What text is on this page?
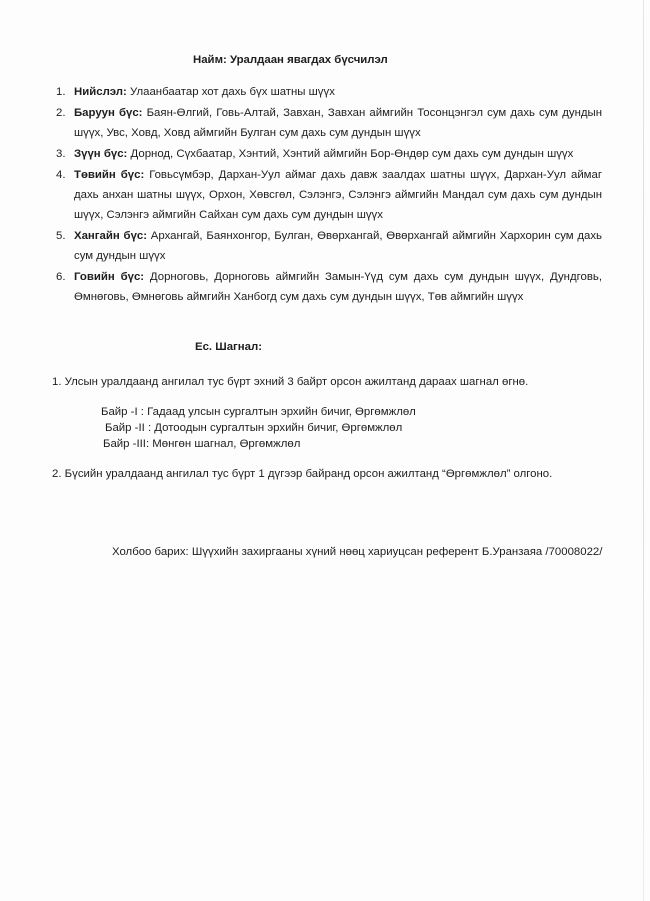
Найм: Уралдаан явагдах бүсчилэл
1. Нийслэл: Улаанбаатар хот дахь бүх шатны шүүх
2. Баруун бүс: Баян-Өлгий, Говь-Алтай, Завхан, Завхан аймгийн Тосонцэнгэл сум дахь сум дундын шүүх, Увс, Ховд, Ховд аймгийн Булган сум дахь сум дундын шүүх
3. Зүүн бүс: Дорнод, Сүхбаатар, Хэнтий, Хэнтий аймгийн Бор-Өндөр сум дахь сум дундын шүүх
4. Төвийн бүс: Говьсүмбэр, Дархан-Уул аймаг дахь давж заалдах шатны шүүх, Дархан-Уул аймаг дахь анхан шатны шүүх, Орхон, Хөвсгөл, Сэлэнгэ, Сэлэнгэ аймгийн Мандал сум дахь сум дундын шүүх, Сэлэнгэ аймгийн Сайхан сум дахь сум дундын шүүх
5. Хангайн бүс: Архангай, Баянхонгор, Булган, Өвөрхангай, Өвөрхангай аймгийн Хархорин сум дахь сум дундын шүүх
6. Говийн бүс: Дорноговь, Дорноговь аймгийн Замын-Үүд сум дахь сум дундын шүүх, Дундговь, Өмнөговь, Өмнөговь аймгийн Ханбогд сум дахь сум дундын шүүх, Төв аймгийн шүүх
Ес. Шагнал:
1. Улсын уралдаанд ангилал тус бүрт эхний 3 байрт орсон ажилтанд дараах шагнал өгнө.
Байр -I : Гадаад улсын сургалтын эрхийн бичиг, Өргөмжлөл
Байр -II : Дотоодын сургалтын эрхийн бичиг, Өргөмжлөл
Байр -III: Мөнгөн шагнал, Өргөмжлөл
2. Бүсийн уралдаанд ангилал тус бүрт 1 дүгээр байранд орсон ажилтанд “Өргөмжлөл” олгоно.
Холбоо барих: Шүүхийн захиргааны хүний нөөц хариуцсан референт Б.Уранзаяа /70008022/
